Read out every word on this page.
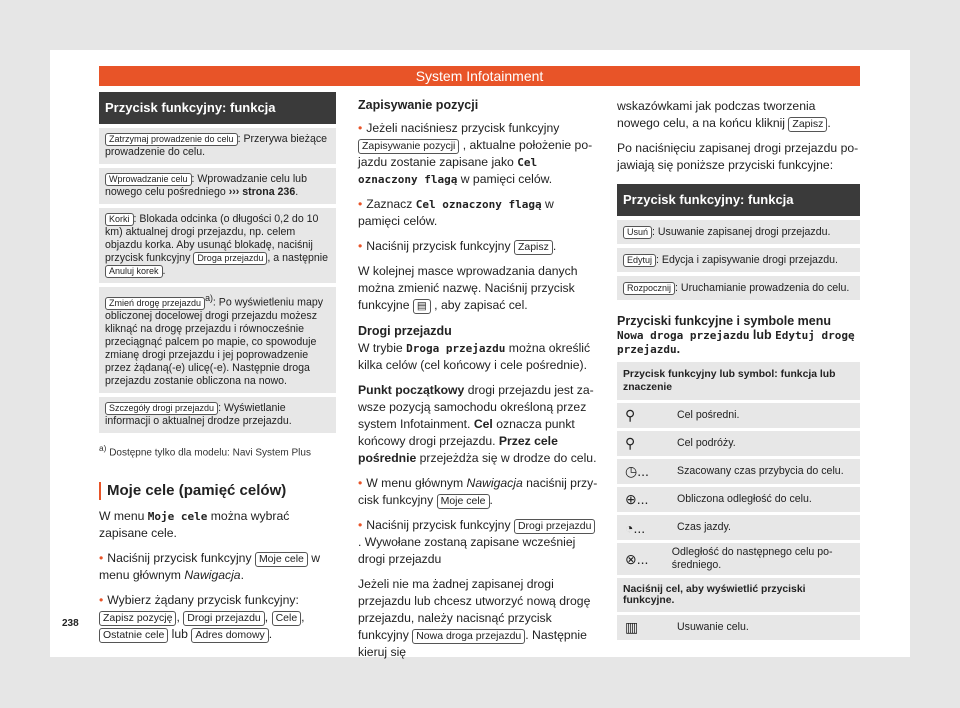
System Infotainment
Przycisk funkcyjny: funkcja
Zatrzymaj prowadzenie do celu : Przerywa bieżące prowadzenie do celu.
Wprowadzanie celu : Wprowadzanie celu lub nowego celu pośredniego ››› strona 236.
Korki : Blokada odcinka (o długości 0,2 do 10 km) aktualnej drogi przejazdu, np. celem objazdu korka. Aby usunąć blokadę, naciśnij przycisk funkcyjny Droga przejazdu , a następnie Anuluj korek .
Zmień drogę przejazdu $^{a)}$: Po wyświetleniu mapy obliczonej docelowej drogi przejazdu możesz kliknąć na drogę przejazdu i równocześnie przeciągnąć palcem po mapie, co spowoduje zmianę drogi przejazdu i jej poprowadzenie przez żądaną(-e) ulicę(-e). Następnie droga przejazdu zostanie obliczona na nowo.
Szczegóły drogi przejazdu : Wyświetlanie informacji o aktualnej drodze przejazdu.
$^{a)}$ Dostępne tylko dla modelu: Navi System Plus
Moje cele (pamięć celów)
W menu Moje cele można wybrać zapisane cele.
• Naciśnij przycisk funkcyjny Moje cele w menu głównym Nawigacja.
• Wybierz żądany przycisk funkcyjny:
Zapisz pozycję , Drogi przejazdu , Cele ,
Ostatnie cele lub Adres domowy .
Zapisywanie pozycji
• Jeżeli naciśniesz przycisk funkcyjny Zapisywanie pozycji , aktualne położenie pojazdu zostanie zapisane jako Cel oznaczony flagą w pamięci celów.
• Zaznacz Cel oznaczony flagą w pamięci celów.
• Naciśnij przycisk funkcyjny Zapisz .
W kolejnej masce wprowadzania danych można zmienić nazwę. Naciśnij przycisk funkcyjne ▤ , aby zapisać cel.
Drogi przejazdu
W trybie Droga przejazdu można określić kilka celów (cel końcowy i cele pośrednie).
Punkt początkowy drogi przejazdu jest zawsze pozycją samochodu określoną przez system Infotainment. Cel oznacza punkt końcowy drogi przejazdu. Przez cele pośrednie przejeżdża się w drodze do celu.
• W menu głównym Nawigacja naciśnij przycisk funkcyjny Moje cele .
• Naciśnij przycisk funkcyjny Drogi przejazdu. Wywołane zostaną zapisane wcześniej drogi przejazdu
Jeżeli nie ma żadnej zapisanej drogi przejazdu lub chcesz utworzyć nową drogę przejazdu, należy nacisnąć przycisk funkcyjny Nowa droga przejazdu . Następnie kieruj się
wskazówkami jak podczas tworzenia nowego celu, a na końcu kliknij Zapisz .
Po naciśnięciu zapisanej drogi przejazdu pojawiają się poniższe przyciski funkcyjne:
Przycisk funkcyjny: funkcja
Usuń : Usuwanie zapisanej drogi przejazdu.
Edytuj : Edycja i zapisywanie drogi przejazdu.
Rozpocznij : Uruchamianie prowadzenia do celu.
Przyciski funkcyjne i symbole menu Nowa droga przejazdu lub Edytuj drogę przejazdu.
Przycisk funkcyjny lub symbol: funkcja lub znaczenie
⚲	Cel pośredni.
⚲	Cel podróży.
◷...	Szacowany czas przybycia do celu.
⊕...	Obliczona odległość do celu.
◔...	Czas jazdy.
⊗...	Odległość do następnego celu pośredniego.
Naciśnij cel, aby wyświetlić przyciski funkcyjne.
▥	Usuwanie celu.
238
